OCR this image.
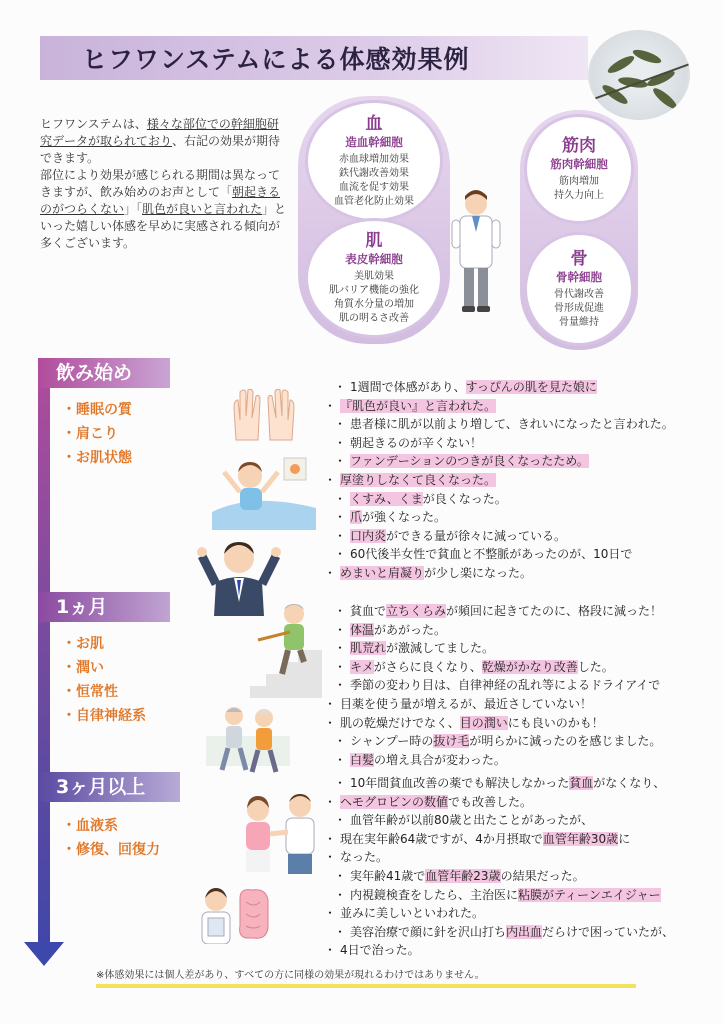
ヒフワンステムによる体感効果例

ヒフワンステムは、様々な部位での幹細胞研究データが取られており、右記の効果が期待できます。

部位により効果が感じられる期間は異なってきますが、飲み始めのお声として「朝起きるのがつらくない」「肌色が良いと言われた」といった嬉しい体感を早めに実感される傾向が多くございます。

血
造血幹細胞
赤血球増加効果
鉄代謝改善効果
血流を促す効果
血管老化防止効果
肌
表皮幹細胞
美肌効果
肌バリア機能の強化
角質水分量の増加
肌の明るさ改善
筋肉
筋肉幹細胞
筋肉増加
持久力向上
骨
骨幹細胞
骨代謝改善
骨形成促進
骨量維持
飲み始め
・睡眠の質
・肩こり
・お肌状態
1ヵ月
・お肌
・潤い
・恒常性
・自律神経系
3ヶ月以上
・血液系
・修復、回復力
・ 1週間で体感があり、すっぴんの肌を見た娘に
・ 『肌色が良い』と言われた。
・ 患者様に肌が以前より増して、きれいになったと言われた。
・ 朝起きるのが辛くない！
・ ファンデーションのつきが良くなったため。
・ 厚塗りしなくて良くなった。
・ くすみ、くまが良くなった。
・ 爪が強くなった。
・ 口内炎ができる量が徐々に減っている。
・ 60代後半女性で貧血と不整脈があったのが、10日で
・ めまいと肩凝りが少し楽になった。
・ 貧血で立ちくらみが頻回に起きてたのに、格段に減った！
・ 体温があがった。
・ 肌荒れが激減してました。
・ キメがさらに良くなり、乾燥がかなり改善した。
・ 季節の変わり目は、自律神経の乱れ等によるドライアイで
・ 目薬を使う量が増えるが、最近さしていない！
・ 肌の乾燥だけでなく、目の潤いにも良いのかも！
・ シャンプー時の抜け毛が明らかに減ったのを感じました。
・ 白髪の増え具合が変わった。
・ 10年間貧血改善の薬でも解決しなかった貧血がなくなり、
・ ヘモグロビンの数値でも改善した。
・ 血管年齢が以前80歳と出たことがあったが、
・ 現在実年齢64歳ですが、4か月摂取で血管年齢30歳に
・ なった。
・ 実年齢41歳で血管年齢23歳の結果だった。
・ 内視鏡検査をしたら、主治医に粘膜がティーンエイジャー
・ 並みに美しいといわれた。
・ 美容治療で顔に針を沢山打ち内出血だらけで困っていたが、
・ 4日で治った。
※体感効果には個人差があり、すべての方に同様の効果が現れるわけではありません。
